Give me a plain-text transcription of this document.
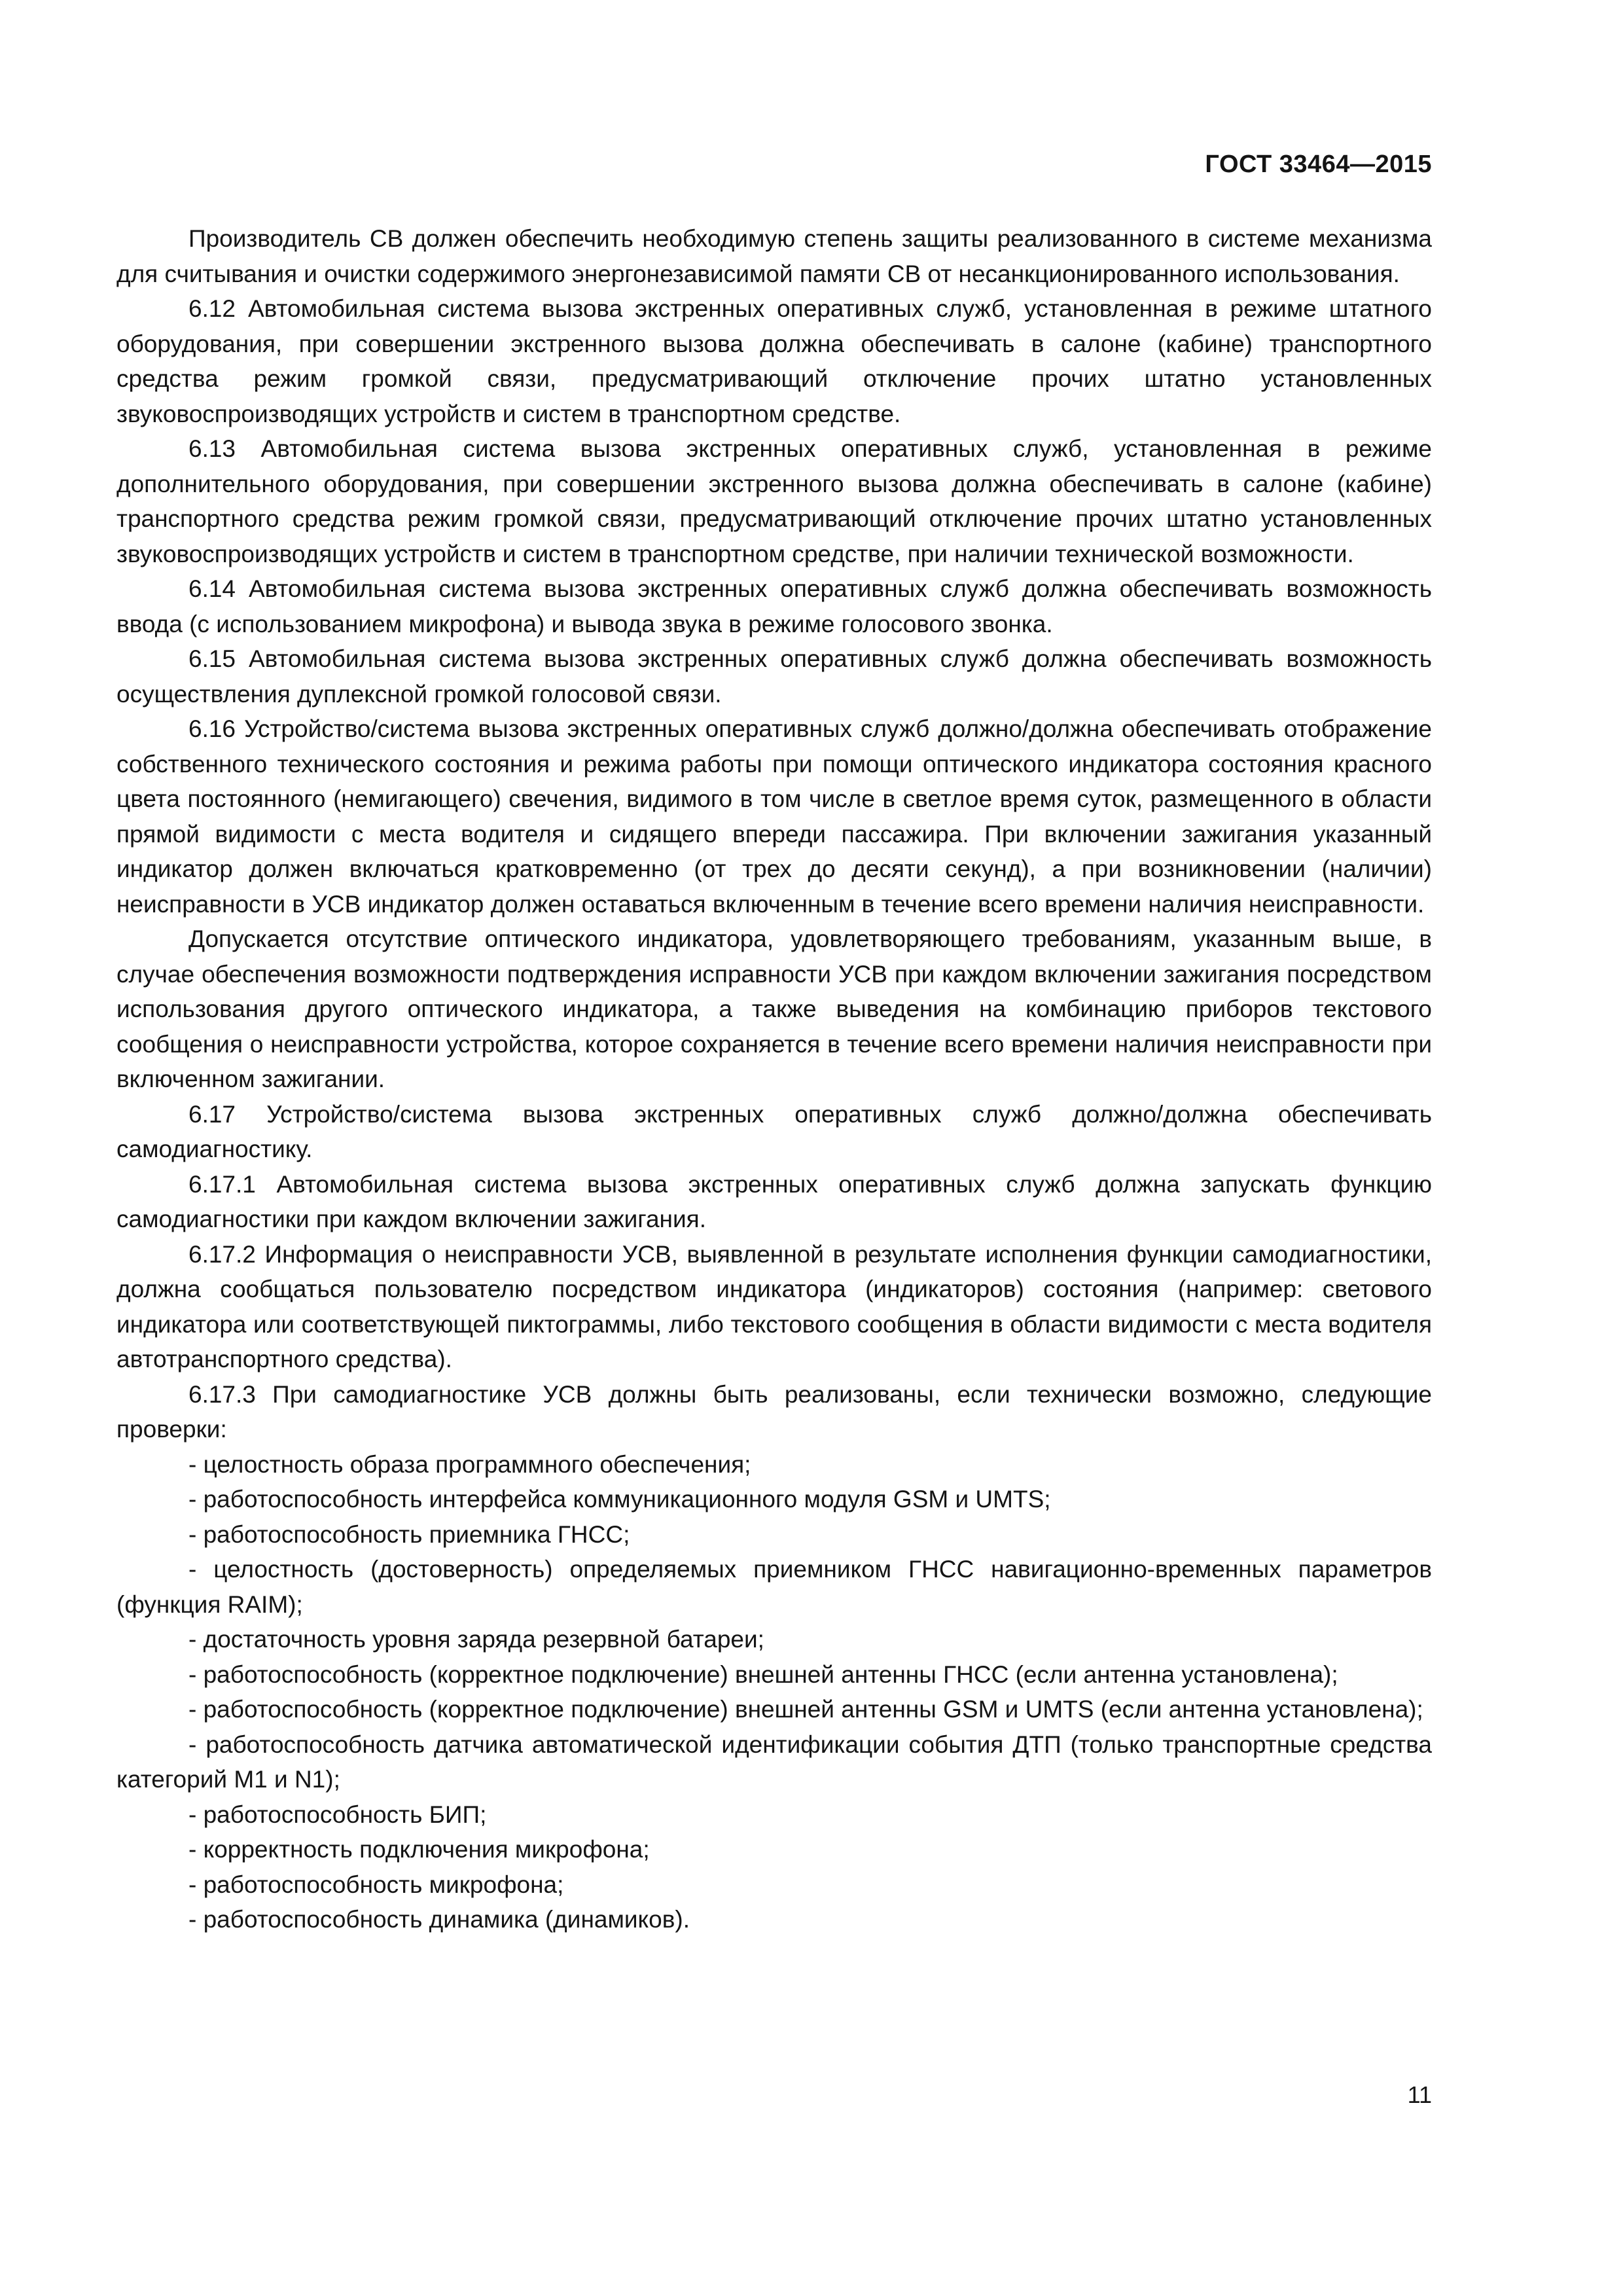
ГОСТ 33464—2015

Производитель СВ должен обеспечить необходимую степень защиты реализованного в системе механизма для считывания и очистки содержимого энергонезависимой памяти СВ от несанкционированного использования.

6.12 Автомобильная система вызова экстренных оперативных служб, установленная в режиме штатного оборудования, при совершении экстренного вызова должна обеспечивать в салоне (кабине) транспортного средства режим громкой связи, предусматривающий отключение прочих штатно установленных звуковоспроизводящих устройств и систем в транспортном средстве.

6.13 Автомобильная система вызова экстренных оперативных служб, установленная в режиме дополнительного оборудования, при совершении экстренного вызова должна обеспечивать в салоне (кабине) транспортного средства режим громкой связи, предусматривающий отключение прочих штатно установленных звуковоспроизводящих устройств и систем в транспортном средстве, при наличии технической возможности.

6.14 Автомобильная система вызова экстренных оперативных служб должна обеспечивать возможность ввода (с использованием микрофона) и вывода звука в режиме голосового звонка.

6.15 Автомобильная система вызова экстренных оперативных служб должна обеспечивать возможность осуществления дуплексной громкой голосовой связи.

6.16 Устройство/система вызова экстренных оперативных служб должно/должна обеспечивать отображение собственного технического состояния и режима работы при помощи оптического индикатора состояния красного цвета постоянного (немигающего) свечения, видимого в том числе в светлое время суток, размещенного в области прямой видимости с места водителя и сидящего впереди пассажира. При включении зажигания указанный индикатор должен включаться кратковременно (от трех до десяти секунд), а при возникновении (наличии) неисправности в УСВ индикатор должен оставаться включенным в течение всего времени наличия неисправности.

Допускается отсутствие оптического индикатора, удовлетворяющего требованиям, указанным выше, в случае обеспечения возможности подтверждения исправности УСВ при каждом включении зажигания посредством использования другого оптического индикатора, а также выведения на комбинацию приборов текстового сообщения о неисправности устройства, которое сохраняется в течение всего времени наличия неисправности при включенном зажигании.

6.17 Устройство/система вызова экстренных оперативных служб должно/должна обеспечивать самодиагностику.

6.17.1 Автомобильная система вызова экстренных оперативных служб должна запускать функцию самодиагностики при каждом включении зажигания.

6.17.2 Информация о неисправности УСВ, выявленной в результате исполнения функции самодиагностики, должна сообщаться пользователю посредством индикатора (индикаторов) состояния (например: светового индикатора или соответствующей пиктограммы, либо текстового сообщения в области видимости с места водителя автотранспортного средства).

6.17.3 При самодиагностике УСВ должны быть реализованы, если технически возможно, следующие проверки:

- целостность образа программного обеспечения;

- работоспособность интерфейса коммуникационного модуля GSM и UMTS;

- работоспособность приемника ГНСС;

- целостность (достоверность) определяемых приемником ГНСС навигационно-временных параметров (функция RAIM);

- достаточность уровня заряда резервной батареи;

- работоспособность (корректное подключение) внешней антенны ГНСС (если антенна установлена);

- работоспособность (корректное подключение) внешней антенны GSM и UMTS (если антенна установлена);

- работоспособность датчика автоматической идентификации события ДТП (только транспортные средства категорий M1 и N1);

- работоспособность БИП;

- корректность подключения микрофона;

- работоспособность микрофона;

- работоспособность динамика (динамиков).

11
